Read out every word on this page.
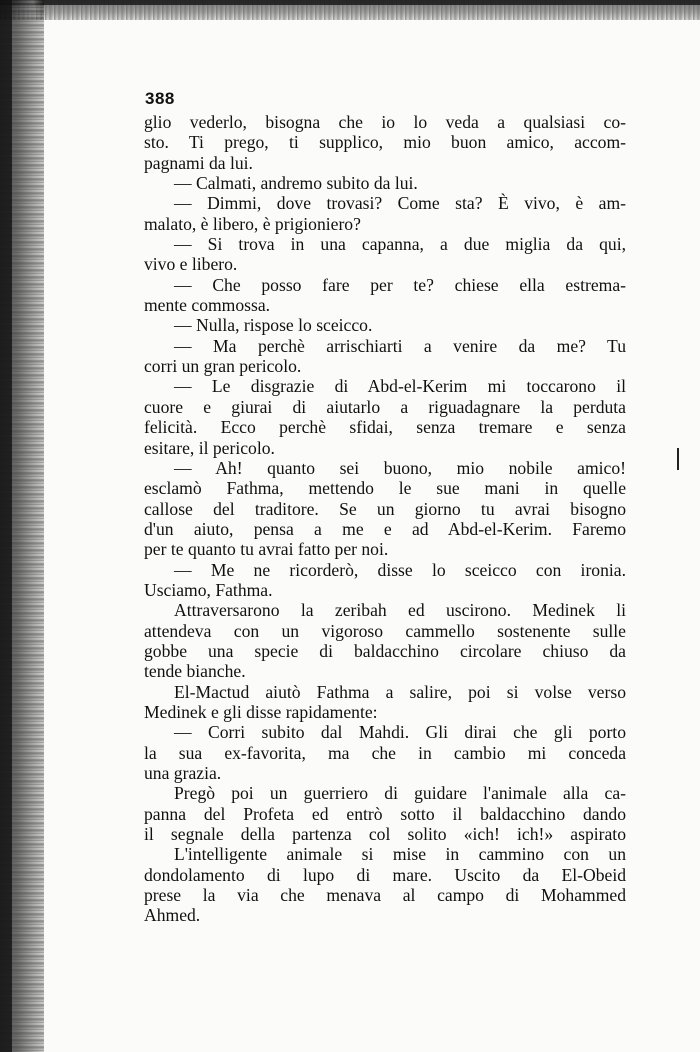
388
glio vederlo, bisogna che io lo veda a qualsiasi co-
sto. Ti prego, ti supplico, mio buon amico, accom-
pagnami da lui.
— Calmati, andremo subito da lui.
— Dimmi, dove trovasi? Come sta? È vivo, è am-
malato, è libero, è prigioniero?
— Si trova in una capanna, a due miglia da qui,
vivo e libero.
— Che posso fare per te? chiese ella estrema-
mente commossa.
— Nulla, rispose lo sceicco.
— Ma perchè arrischiarti a venire da me? Tu
corri un gran pericolo.
— Le disgrazie di Abd-el-Kerim mi toccarono il
cuore e giurai di aiutarlo a riguadagnare la perduta
felicità. Ecco perchè sfidai, senza tremare e senza
esitare, il pericolo.
— Ah! quanto sei buono, mio nobile amico!
esclamò Fathma, mettendo le sue mani in quelle
callose del traditore. Se un giorno tu avrai bisogno
d'un aiuto, pensa a me e ad Abd-el-Kerim. Faremo
per te quanto tu avrai fatto per noi.
— Me ne ricorderò, disse lo sceicco con ironia.
Usciamo, Fathma.
Attraversarono la zeribah ed uscirono. Medinek li
attendeva con un vigoroso cammello sostenente sulle
gobbe una specie di baldacchino circolare chiuso da
tende bianche.
El-Mactud aiutò Fathma a salire, poi si volse verso
Medinek e gli disse rapidamente:
— Corri subito dal Mahdi. Gli dirai che gli porto
la sua ex-favorita, ma che in cambio mi conceda
una grazia.
Pregò poi un guerriero di guidare l'animale alla ca-
panna del Profeta ed entrò sotto il baldacchino dando
il segnale della partenza col solito «ich! ich!» aspirato
L'intelligente animale si mise in cammino con un
dondolamento di lupo di mare. Uscito da El-Obeid
prese la via che menava al campo di Mohammed
Ahmed.
